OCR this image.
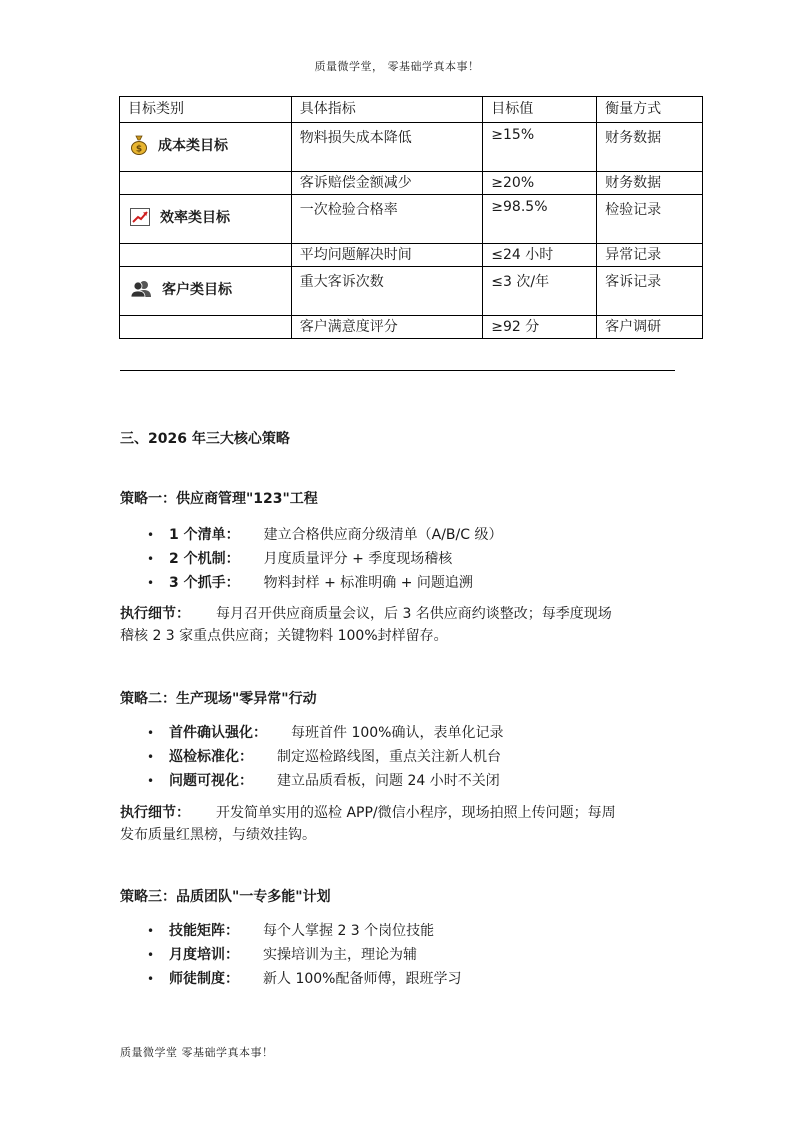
质量微学堂， 零基础学真本事！
目标类别	具体指标	目标值	衡量方式

$ 成本类目标	物料损失成本降低	≥15%	财务数据
	客诉赔偿金额减少	≥20%	财务数据

效率类目标	一次检验合格率	≥98.5%	检验记录
	平均问题解决时间	≤24 小时	异常记录

客户类目标	重大客诉次数	≤3 次/年	客诉记录
	客户满意度评分	≥92 分	客户调研
三、2026 年三大核心策略
策略一：供应商管理"123"工程
•	1 个清单： 建立合格供应商分级清单（A/B/C 级）
•	2 个机制： 月度质量评分 + 季度现场稽核
•	3 个抓手： 物料封样 + 标准明确 + 问题追溯
执行细节： 每月召开供应商质量会议，后 3 名供应商约谈整改；每季度现场
稽核 2 3 家重点供应商；关键物料 100%封样留存。
策略二：生产现场"零异常"行动
•	首件确认强化： 每班首件 100%确认，表单化记录
•	巡检标准化： 制定巡检路线图，重点关注新人机台
•	问题可视化： 建立品质看板，问题 24 小时不关闭
执行细节： 开发简单实用的巡检 APP/微信小程序，现场拍照上传问题；每周
发布质量红黑榜，与绩效挂钩。
策略三：品质团队"一专多能"计划
•	技能矩阵： 每个人掌握 2 3 个岗位技能
•	月度培训： 实操培训为主，理论为辅
•	师徒制度： 新人 100%配备师傅，跟班学习
质量微学堂 零基础学真本事！
